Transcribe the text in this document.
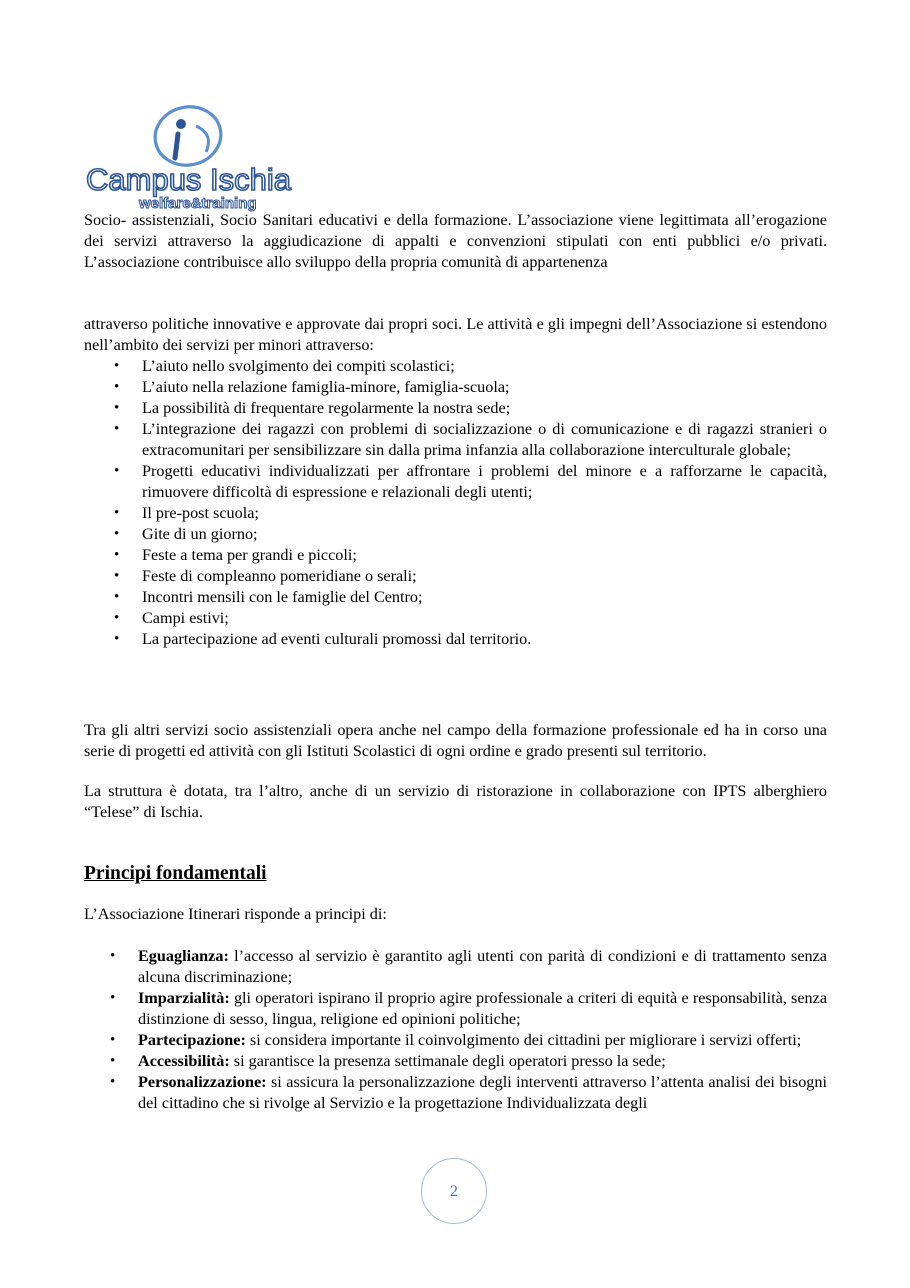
Campus Ischia
welfare&training

Socio- assistenziali, Socio Sanitari educativi e della formazione. L’associazione viene legittimata all’erogazione dei servizi attraverso la aggiudicazione di appalti e convenzioni stipulati con enti pubblici e/o privati. L’associazione contribuisce allo sviluppo della propria comunità di appartenenza

attraverso politiche innovative e approvate dai propri soci. Le attività e gli impegni dell’Associazione si estendono nell’ambito dei servizi per minori attraverso:

• L’aiuto nello svolgimento dei compiti scolastici;
• L’aiuto nella relazione famiglia-minore, famiglia-scuola;
• La possibilità di frequentare regolarmente la nostra sede;
• L’integrazione dei ragazzi con problemi di socializzazione o di comunicazione e di ragazzi stranieri o extracomunitari per sensibilizzare sin dalla prima infanzia alla collaborazione interculturale globale;
• Progetti educativi individualizzati per affrontare i problemi del minore e a rafforzarne le capacità, rimuovere difficoltà di espressione e relazionali degli utenti;
• Il pre-post scuola;
• Gite di un giorno;
• Feste a tema per grandi e piccoli;
• Feste di compleanno pomeridiane o serali;
• Incontri mensili con le famiglie del Centro;
• Campi estivi;
• La partecipazione ad eventi culturali promossi dal territorio.

Tra gli altri servizi socio assistenziali opera anche nel campo della formazione professionale ed ha in corso una serie di progetti ed attività con gli Istituti Scolastici di ogni ordine e grado presenti sul territorio.

La struttura è dotata, tra l’altro, anche di un servizio di ristorazione in collaborazione con IPTS alberghiero “Telese” di Ischia.

Principi fondamentali

L’Associazione Itinerari risponde a principi di:

• Eguaglianza: l’accesso al servizio è garantito agli utenti con parità di condizioni e di trattamento senza alcuna discriminazione;
• Imparzialità: gli operatori ispirano il proprio agire professionale a criteri di equità e responsabilità, senza distinzione di sesso, lingua, religione ed opinioni politiche;
• Partecipazione: si considera importante il coinvolgimento dei cittadini per migliorare i servizi offerti;
• Accessibilità: si garantisce la presenza settimanale degli operatori presso la sede;
• Personalizzazione: si assicura la personalizzazione degli interventi attraverso l’attenta analisi dei bisogni del cittadino che si rivolge al Servizio e la progettazione Individualizzata degli
2
